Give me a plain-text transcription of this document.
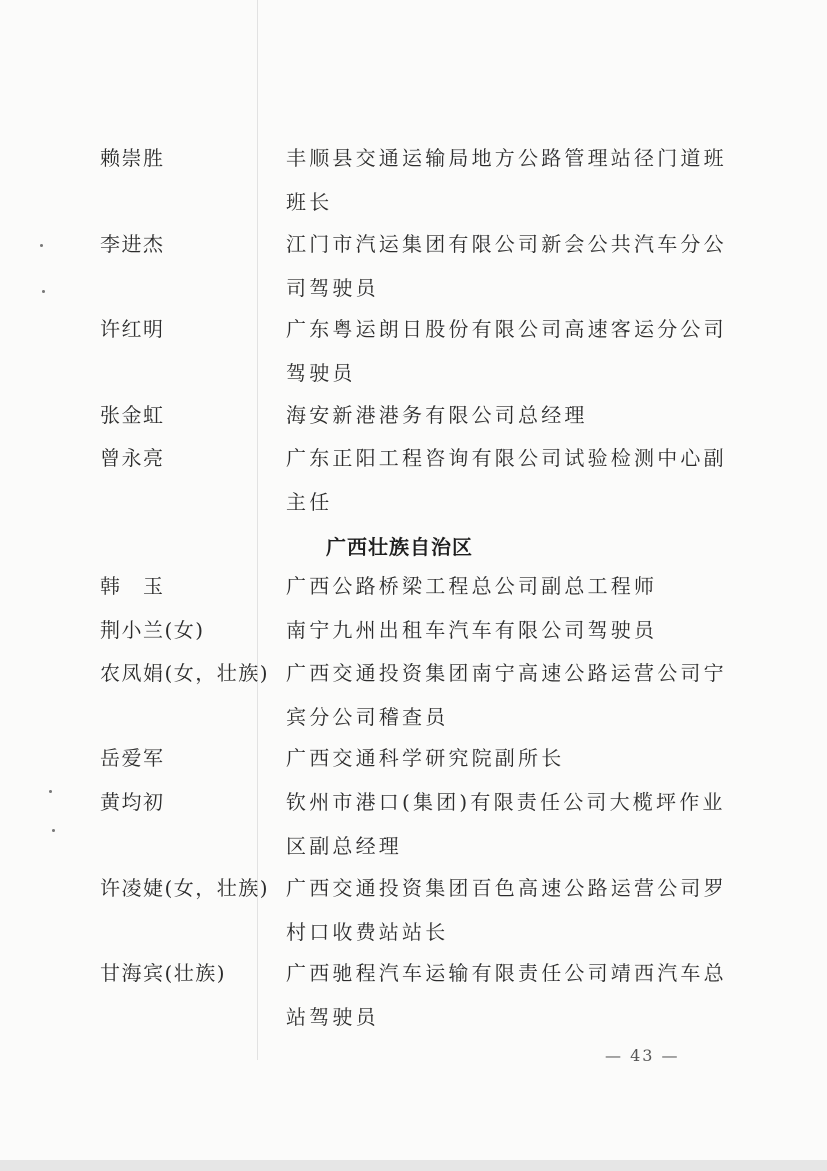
赖崇胜	丰顺县交通运输局地方公路管理站径门道班
班长
李进杰	江门市汽运集团有限公司新会公共汽车分公
司驾驶员
许红明	广东粤运朗日股份有限公司高速客运分公司
驾驶员
张金虹	海安新港港务有限公司总经理
曾永亮	广东正阳工程咨询有限公司试验检测中心副
主任
广西壮族自治区
韩　玉	广西公路桥梁工程总公司副总工程师
荆小兰(女)	南宁九州出租车汽车有限公司驾驶员
农凤娟(女，壮族) 广西交通投资集团南宁高速公路运营公司宁
宾分公司稽查员
岳爱军	广西交通科学研究院副所长
黄均初	钦州市港口(集团)有限责任公司大榄坪作业
区副总经理
许凌婕(女，壮族) 广西交通投资集团百色高速公路运营公司罗
村口收费站站长
甘海宾(壮族)	广西驰程汽车运输有限责任公司靖西汽车总
站驾驶员
— 43 —
